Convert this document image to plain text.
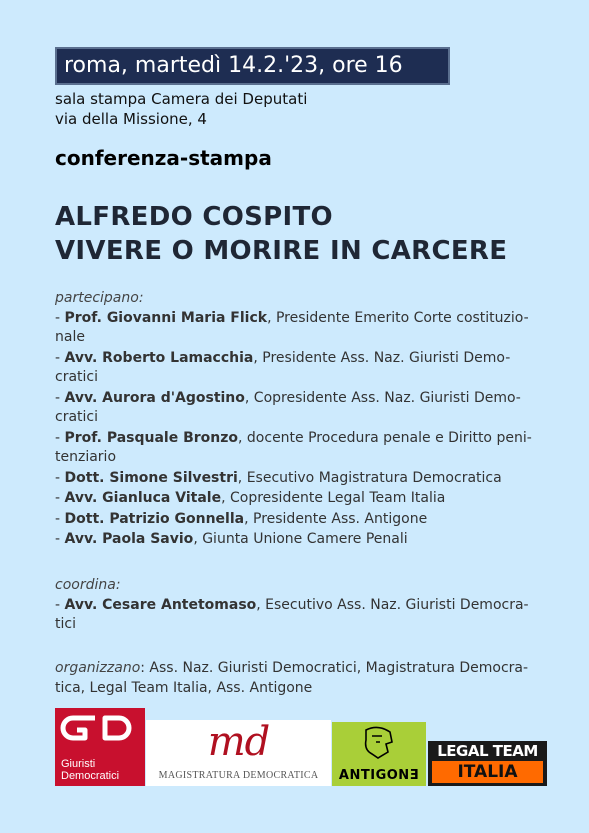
roma, martedì 14.2.'23, ore 16
sala stampa Camera dei Deputati
via della Missione, 4
conferenza-stampa
ALFREDO COSPITO
VIVERE O MORIRE IN CARCERE
partecipano:
- Prof. Giovanni Maria Flick, Presidente Emerito Corte costituzio-nale
- Avv. Roberto Lamacchia, Presidente Ass. Naz. Giuristi Demo-cratici
- Avv. Aurora d'Agostino, Copresidente Ass. Naz. Giuristi Demo-cratici
- Prof. Pasquale Bronzo, docente Procedura penale e Diritto peni-tenziario
- Dott. Simone Silvestri, Esecutivo Magistratura Democratica
- Avv. Gianluca Vitale, Copresidente Legal Team Italia
- Dott. Patrizio Gonnella, Presidente Ass. Antigone
- Avv. Paola Savio, Giunta Unione Camere Penali
coordina:
- Avv. Cesare Antetomaso, Esecutivo Ass. Naz. Giuristi Democra-tici
organizzano: Ass. Naz. Giuristi Democratici, Magistratura Democra-tica, Legal Team Italia, Ass. Antigone
Giuristi
Democratici
md
MAGISTRATURA DEMOCRATICA	ANTIGONƎ
LEGAL TEAM
ITALIA
